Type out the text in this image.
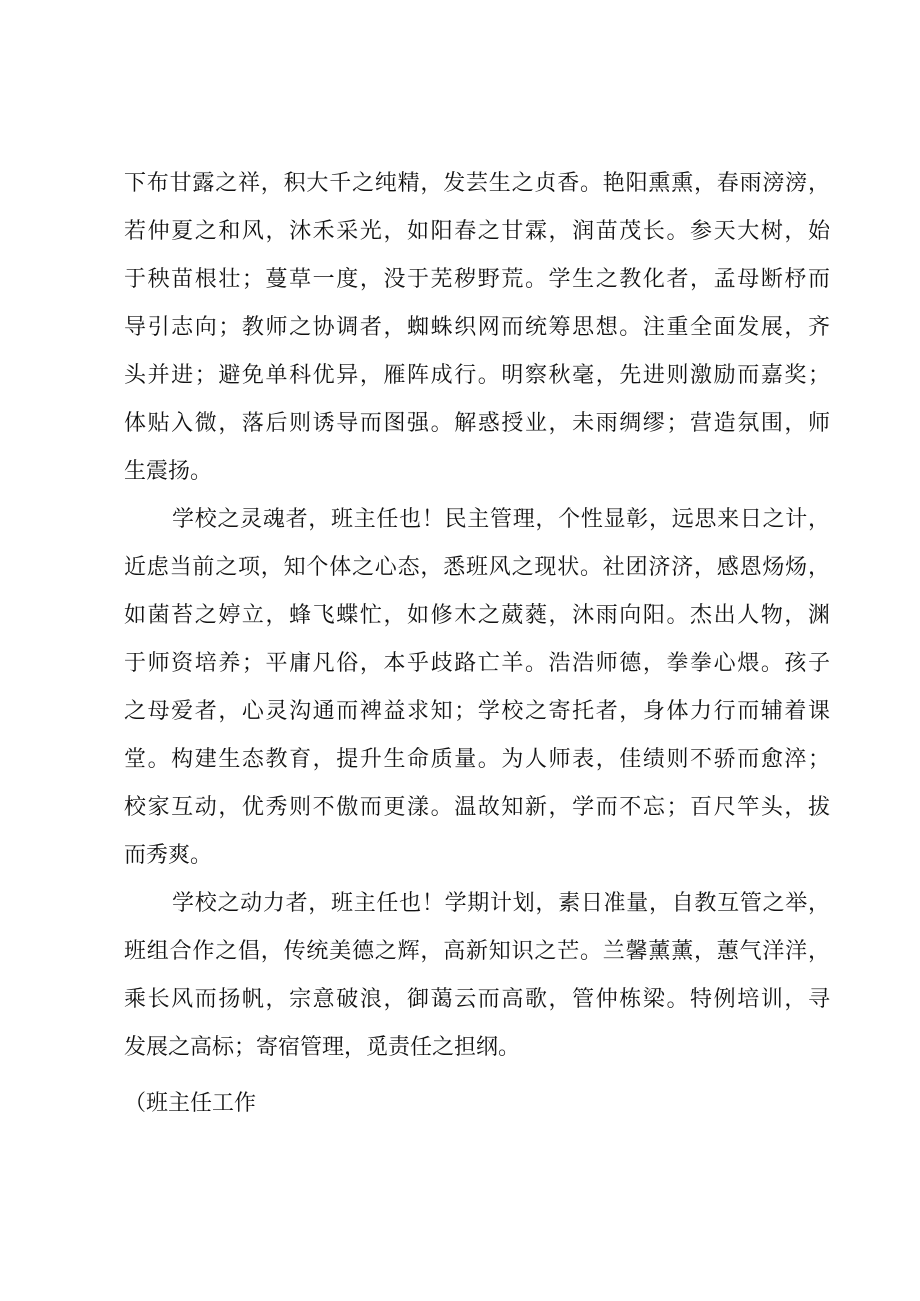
下布甘露之祥，积大千之纯精，发芸生之贞香。艳阳熏熏，春雨滂滂，
若仲夏之和风，沐禾采光，如阳春之甘霖，润苗茂长。参天大树，始
于秧苗根壮；蔓草一度，没于芜秽野荒。学生之教化者，孟母断杼而
导引志向；教师之协调者，蜘蛛织网而统筹思想。注重全面发展，齐
头并进；避免单科优异，雁阵成行。明察秋毫，先进则激励而嘉奖；
体贴入微，落后则诱导而图强。解惑授业，未雨绸缪；营造氛围，师
生震扬。
学校之灵魂者，班主任也！民主管理，个性显彰，远思来日之计，
近虑当前之项，知个体之心态，悉班风之现状。社团济济，感恩炀炀，
如菌苔之婷立，蜂飞蝶忙，如修木之葳蕤，沐雨向阳。杰出人物，渊
于师资培养；平庸凡俗，本乎歧路亡羊。浩浩师德，拳拳心煨。孩子
之母爱者，心灵沟通而裨益求知；学校之寄托者，身体力行而辅着课
堂。构建生态教育，提升生命质量。为人师表，佳绩则不骄而愈淬；
校家互动，优秀则不傲而更漾。温故知新，学而不忘；百尺竿头，拔
而秀爽。
学校之动力者，班主任也！学期计划，素日准量，自教互管之举，
班组合作之倡，传统美德之辉，高新知识之芒。兰馨薰薰，蕙气洋洋，
乘长风而扬帆，宗意破浪，御蔼云而高歌，管仲栋梁。特例培训，寻
发展之高标；寄宿管理，觅责任之担纲。
（班主任工作
